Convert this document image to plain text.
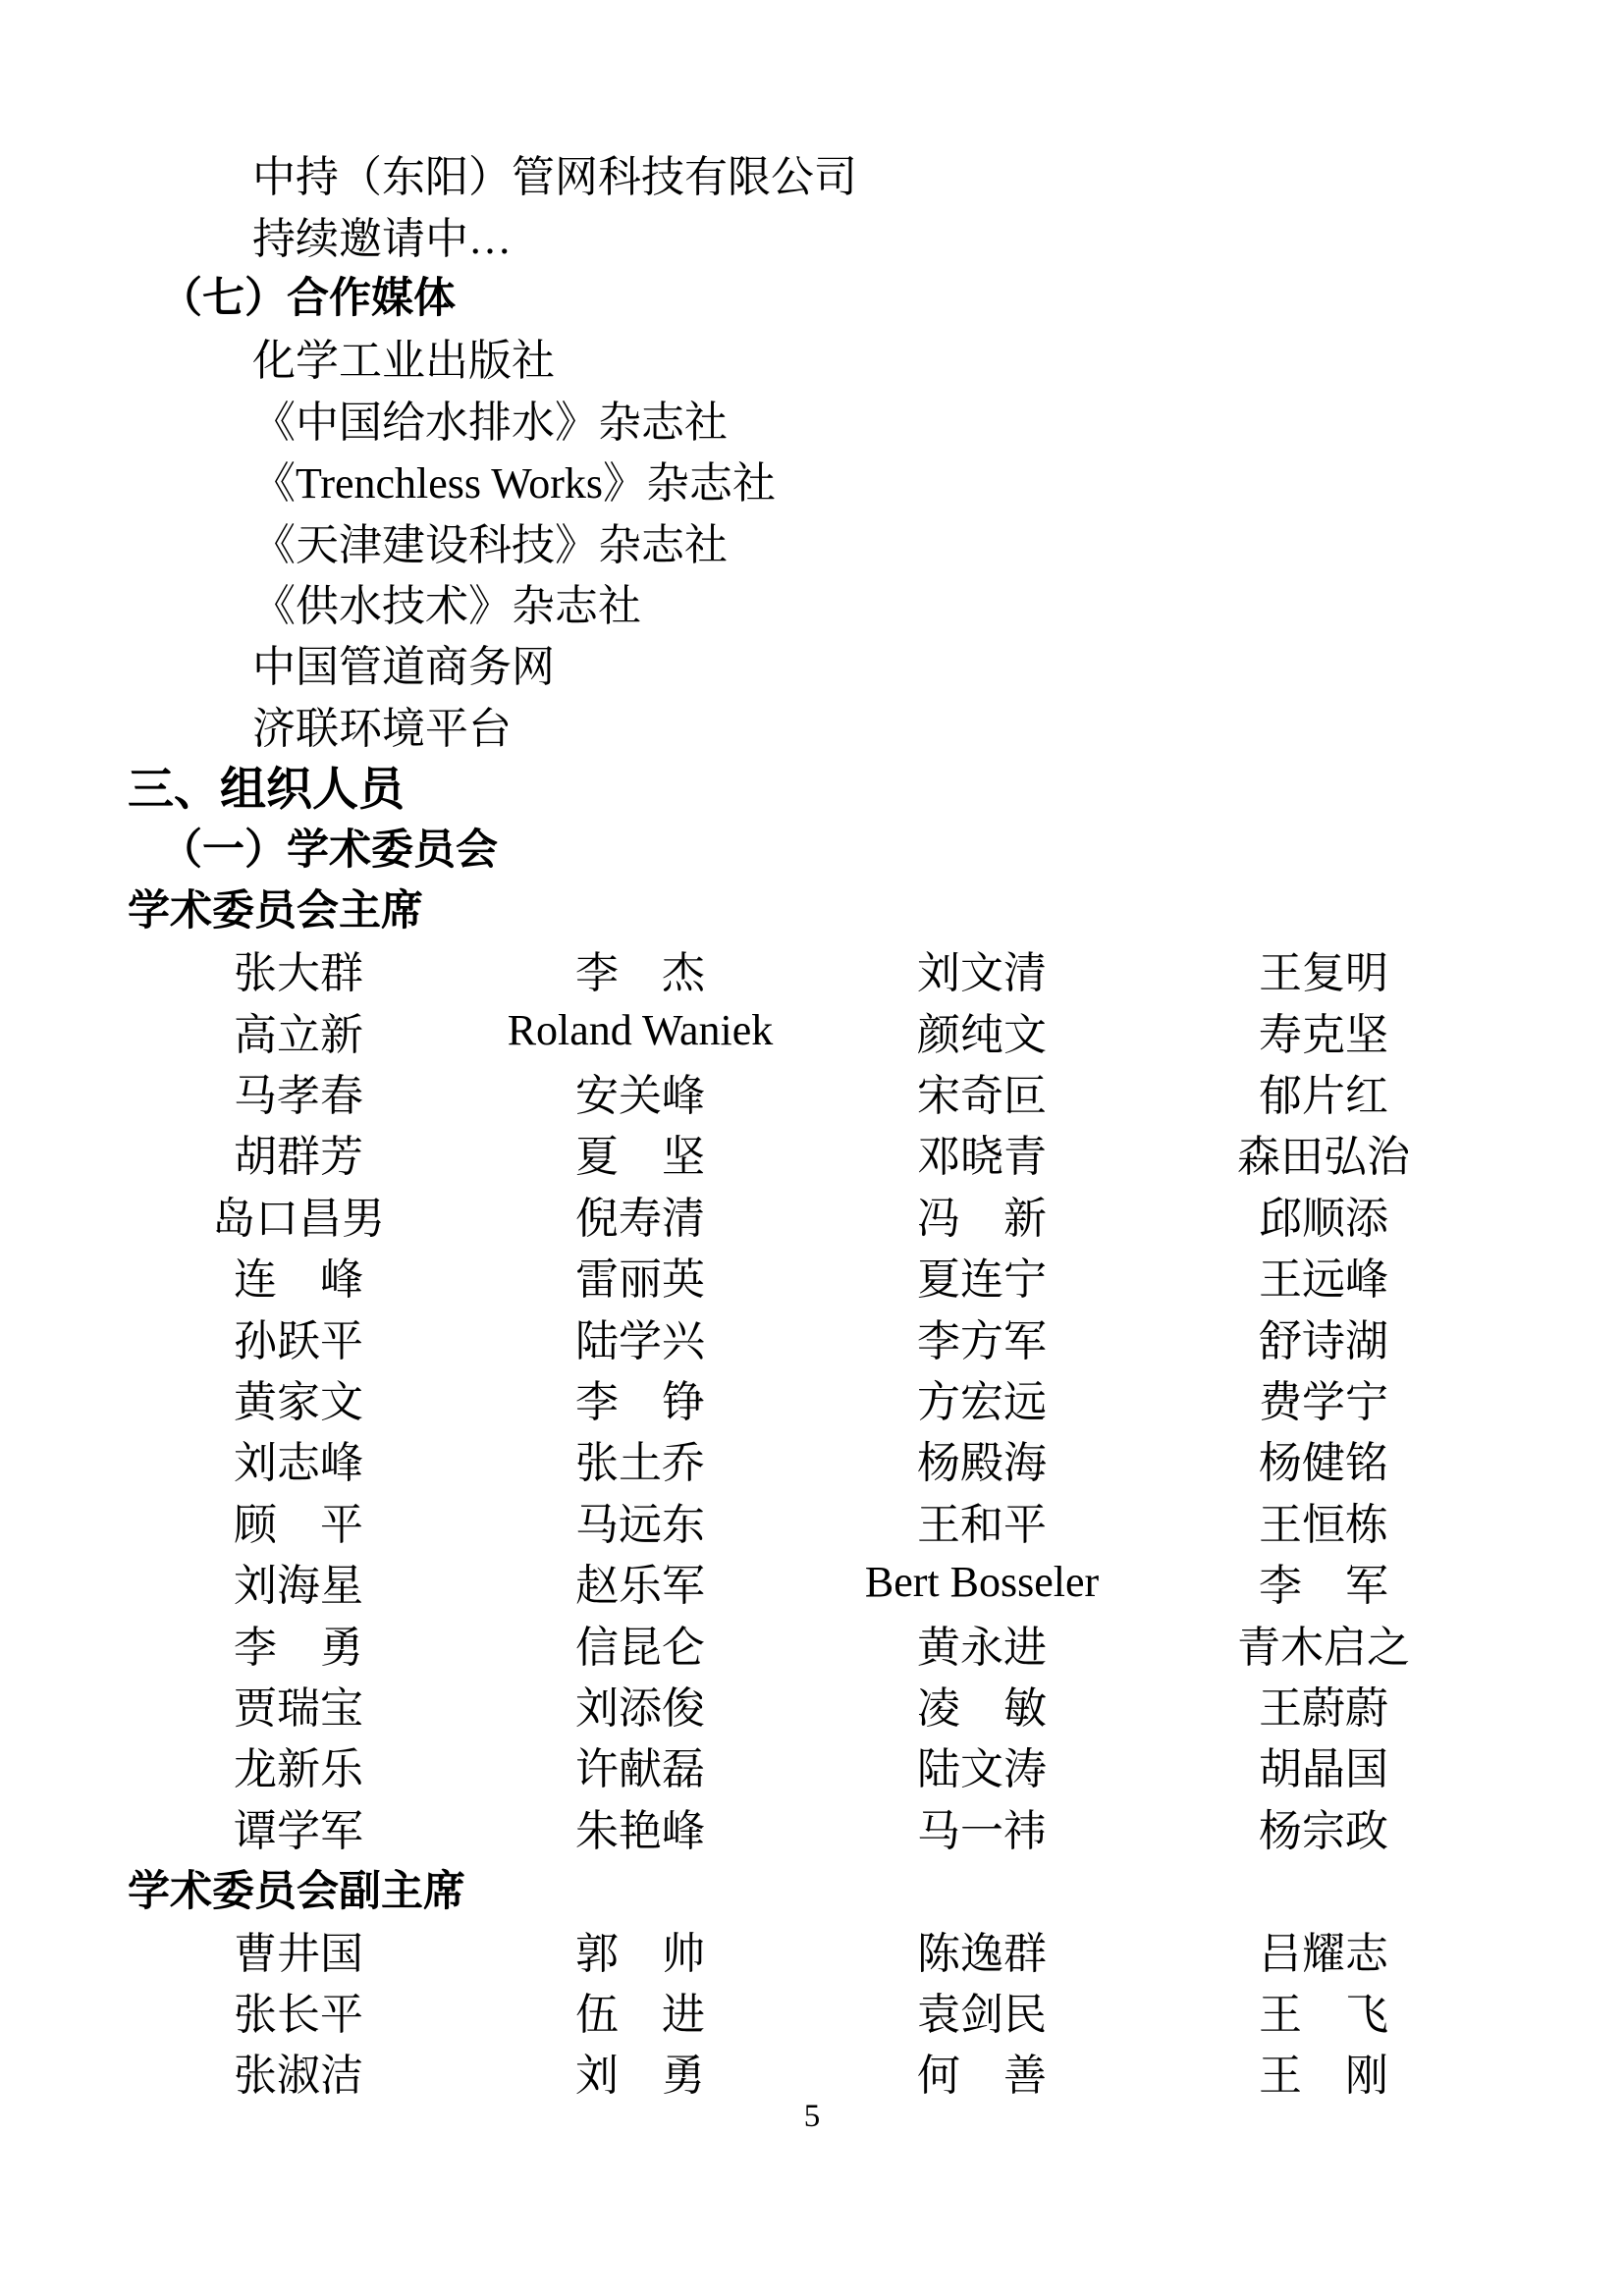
中持（东阳）管网科技有限公司
持续邀请中…
（七）合作媒体
化学工业出版社
《中国给水排水》杂志社
《Trenchless Works》杂志社
《天津建设科技》杂志社
《供水技术》杂志社
中国管道商务网
济联环境平台
三、组织人员
（一）学术委员会
学术委员会主席
张大群	李　杰	刘文清	王复明
高立新	Roland Waniek	颜纯文	寿克坚
马孝春	安关峰	宋奇叵	郁片红
胡群芳	夏　坚	邓晓青	森田弘治
岛口昌男	倪寿清	冯　新	邱顺添
连　峰	雷丽英	夏连宁	王远峰
孙跃平	陆学兴	李方军	舒诗湖
黄家文	李　铮	方宏远	费学宁
刘志峰	张土乔	杨殿海	杨健铭
顾　平	马远东	王和平	王恒栋
刘海星	赵乐军	Bert Bosseler	李　军
李　勇	信昆仑	黄永进	青木启之
贾瑞宝	刘添俊	凌　敏	王蔚蔚
龙新乐	许献磊	陆文涛	胡晶国
谭学军	朱艳峰	马一祎	杨宗政
学术委员会副主席
曹井国	郭　帅	陈逸群	吕耀志
张长平	伍　进	袁剑民	王　飞
张淑洁	刘　勇	何　善	王　刚
5
